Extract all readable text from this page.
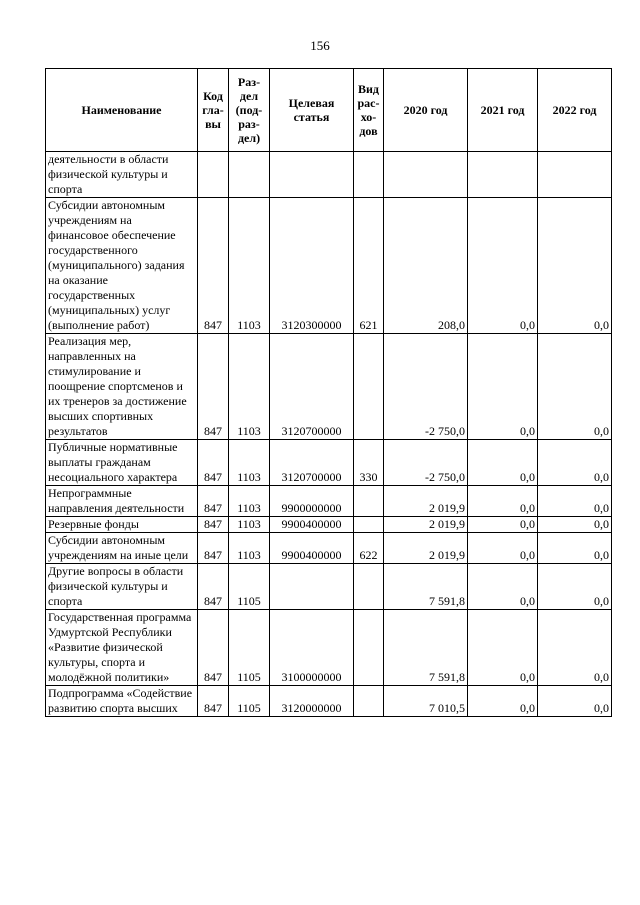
156
Наименование	Код гла- вы	Раз- дел (под- раз- дел)	Целевая статья	Вид рас- хо- дов	2020 год	2021 год	2022 год
деятельности в области физической культуры и спорта							
Субсидии автономным учреждениям на финансовое обеспечение государственного (муниципального) задания на оказание государственных (муниципальных) услуг (выполнение работ)	847	1103	3120300000	621	208,0	0,0	0,0
Реализация мер, направленных на стимулирование и поощрение спортсменов и их тренеров за достижение высших спортивных результатов	847	1103	3120700000		-2 750,0	0,0	0,0
Публичные нормативные выплаты гражданам несоциального характера	847	1103	3120700000	330	-2 750,0	0,0	0,0
Непрограммные направления деятельности	847	1103	9900000000		2 019,9	0,0	0,0
Резервные фонды	847	1103	9900400000		2 019,9	0,0	0,0
Субсидии автономным учреждениям на иные цели	847	1103	9900400000	622	2 019,9	0,0	0,0
Другие вопросы в области физической культуры и спорта	847	1105			7 591,8	0,0	0,0
Государственная программа Удмуртской Республики «Развитие физической культуры, спорта и молодёжной политики»	847	1105	3100000000		7 591,8	0,0	0,0
Подпрограмма «Содействие развитию спорта высших	847	1105	3120000000		7 010,5	0,0	0,0
